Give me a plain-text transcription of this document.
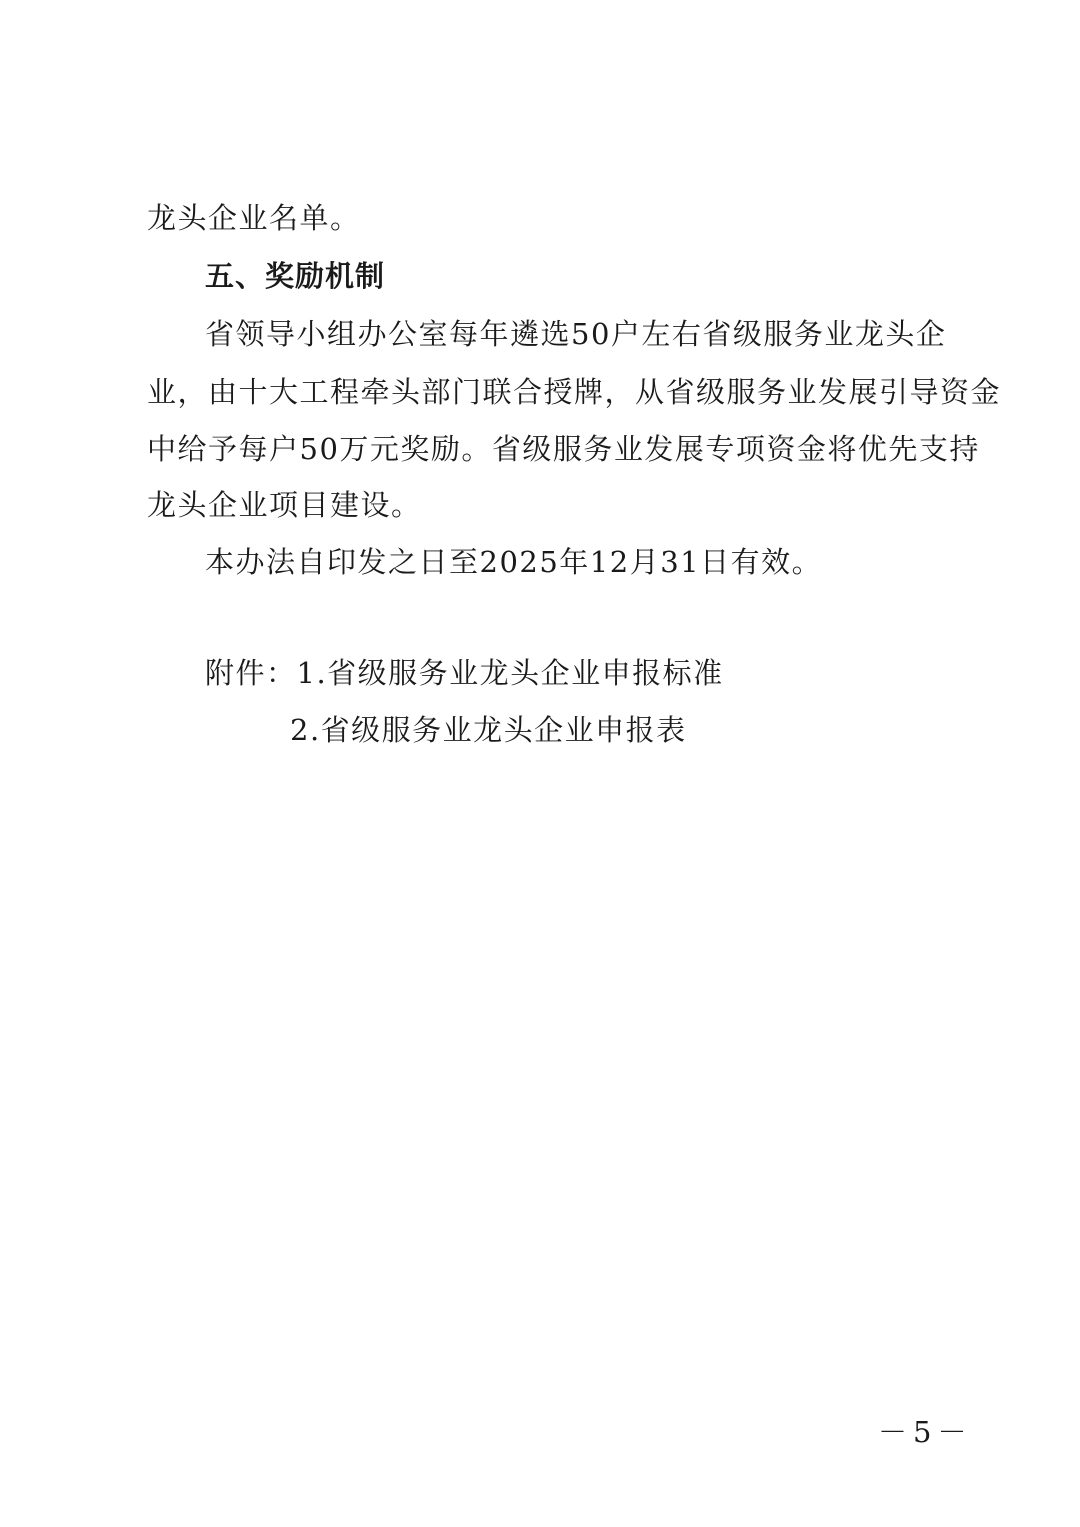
龙头企业名单。
五、奖励机制
省领导小组办公室每年遴选50户左右省级服务业龙头企
业，由十大工程牵头部门联合授牌，从省级服务业发展引导资金
中给予每户50万元奖励。省级服务业发展专项资金将优先支持
龙头企业项目建设。
本办法自印发之日至2025年12月31日有效。
附件：1.省级服务业龙头企业申报标准
2.省级服务业龙头企业申报表
－5－
